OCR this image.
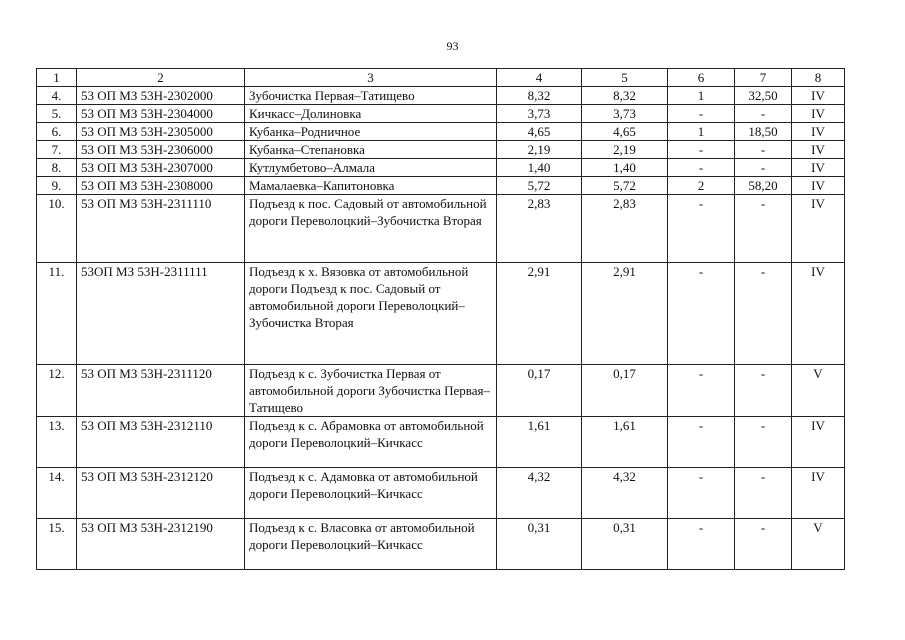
93
1	2	3	4	5	6	7	8
4.	53 ОП МЗ 53Н-2302000	Зубочистка Первая–Татищево	8,32	8,32	1	32,50	IV
5.	53 ОП МЗ 53Н-2304000	Кичкасс–Долиновка	3,73	3,73	-	-	IV
6.	53 ОП МЗ 53Н-2305000	Кубанка–Родничное	4,65	4,65	1	18,50	IV
7.	53 ОП МЗ 53Н-2306000	Кубанка–Степановка	2,19	2,19	-	-	IV
8.	53 ОП МЗ 53Н-2307000	Кутлумбетово–Алмала	1,40	1,40	-	-	IV
9.	53 ОП МЗ 53Н-2308000	Мамалаевка–Капитоновка	5,72	5,72	2	58,20	IV
10.	53 ОП МЗ 53Н-2311110	Подъезд к пос. Садовый от автомобильной дороги Переволоцкий–Зубочистка Вторая	2,83	2,83	-	-	IV
11.	53ОП МЗ 53Н-2311111	Подъезд к х. Вязовка от автомобильной дороги Подъезд к пос. Садовый от автомобильной дороги Переволоцкий–Зубочистка Вторая	2,91	2,91	-	-	IV
12.	53 ОП МЗ 53Н-2311120	Подъезд к с. Зубочистка Первая от автомобильной дороги Зубочистка Первая–Татищево	0,17	0,17	-	-	V
13.	53 ОП МЗ 53Н-2312110	Подъезд к с. Абрамовка от автомобильной дороги Переволоцкий–Кичкасс	1,61	1,61	-	-	IV
14.	53 ОП МЗ 53Н-2312120	Подъезд к с. Адамовка от автомобильной дороги Переволоцкий–Кичкасс	4,32	4,32	-	-	IV
15.	53 ОП МЗ 53Н-2312190	Подъезд к с. Власовка от автомобильной дороги Переволоцкий–Кичкасс	0,31	0,31	-	-	V
